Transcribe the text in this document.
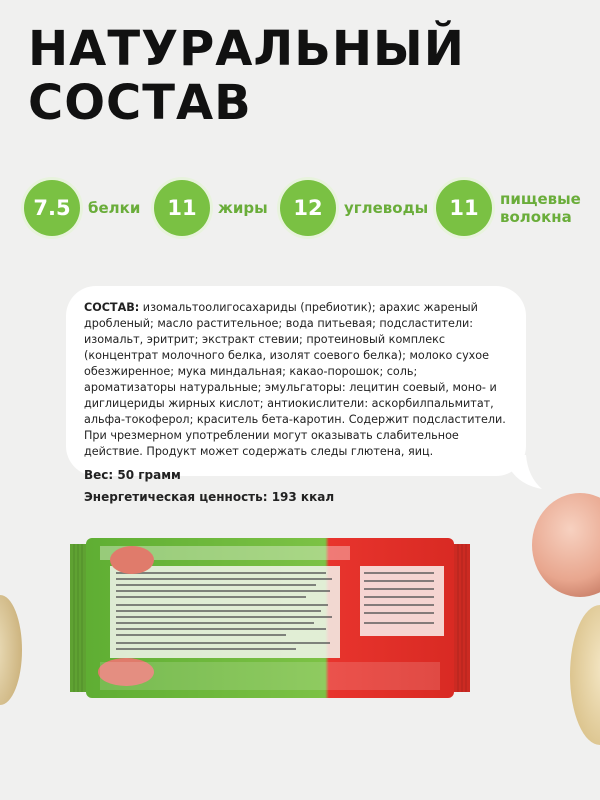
НАТУРАЛЬНЫЙ
СОСТАВ
7.5	белки	11	жиры	12	углеводы	11	пищевые волокна

СОСТАВ: изомальтоолигосахариды (пребиотик); арахис жареный дробленый; масло растительное; вода питьевая; подсластители: изомальт, эритрит; экстракт стевии; протеиновый комплекс (концентрат молочного белка, изолят соевого белка); молоко сухое обезжиренное; мука миндальная; какао-порошок; соль; ароматизаторы натуральные; эмульгаторы: лецитин соевый, моно- и диглицериды жирных кислот; антиокислители: аскорбилпальмитат, альфа-токоферол; краситель бета-каротин. Содержит подсластители. При чрезмерном употреблении могут оказывать слабительное действие. Продукт может содержать следы глютена, яиц.

Вес: 50 грамм

Энергетическая ценность: 193 ккал
